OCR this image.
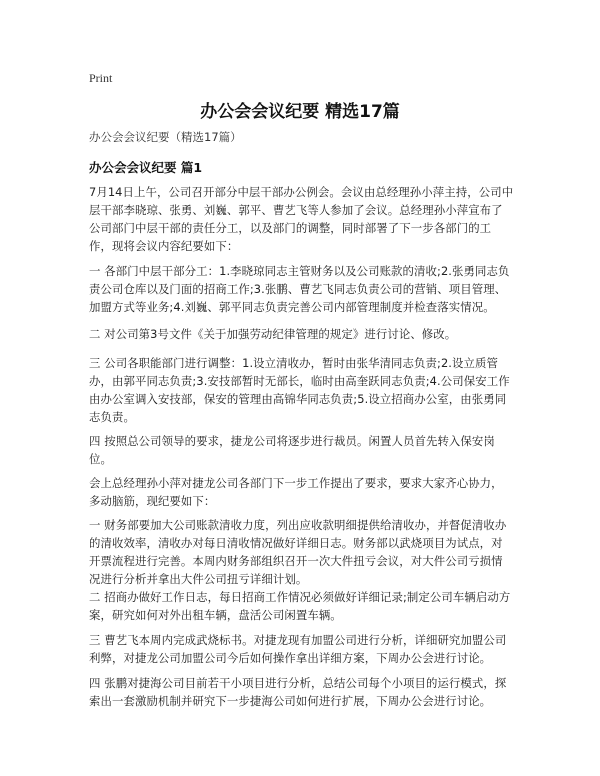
Print
办公会会议纪要 精选17篇

办公会会议纪要（精选17篇）

办公会会议纪要 篇1

7月14日上午，公司召开部分中层干部办公例会。会议由总经理孙小萍主持，公司中层干部李晓琼、张勇、刘巍、郭平、曹艺飞等人参加了会议。总经理孙小萍宣布了公司部门中层干部的责任分工，以及部门的调整，同时部署了下一步各部门的工作，现将会议内容纪要如下：

一 各部门中层干部分工：1.李晓琼同志主管财务以及公司账款的清收;2.张勇同志负责公司仓库以及门面的招商工作;3.张鹏、曹艺飞同志负责公司的营销、项目管理、加盟方式等业务;4.刘巍、郭平同志负责完善公司内部管理制度并检查落实情况。

二 对公司第3号文件《关于加强劳动纪律管理的规定》进行讨论、修改。

三 公司各职能部门进行调整：1.设立清收办，暂时由张华清同志负责;2.设立质管办，由郭平同志负责;3.安技部暂时无部长，临时由高奎跃同志负责;4.公司保安工作由办公室调入安技部，保安的管理由高锦华同志负责;5.设立招商办公室，由张勇同志负责。

四 按照总公司领导的要求，捷龙公司将逐步进行裁员。闲置人员首先转入保安岗位。

会上总经理孙小萍对捷龙公司各部门下一步工作提出了要求，要求大家齐心协力，多动脑筋，现纪要如下：

一 财务部要加大公司账款清收力度，列出应收款明细提供给清收办，并督促清收办的清收效率，清收办对每日清收情况做好详细日志。财务部以武烧项目为试点，对开票流程进行完善。本周内财务部组织召开一次大件扭亏会议，对大件公司亏损情况进行分析并拿出大件公司扭亏详细计划。

二 招商办做好工作日志，每日招商工作情况必须做好详细记录;制定公司车辆启动方案，研究如何对外出租车辆，盘活公司闲置车辆。

三 曹艺飞本周内完成武烧标书。对捷龙现有加盟公司进行分析，详细研究加盟公司利弊，对捷龙公司加盟公司今后如何操作拿出详细方案，下周办公会进行讨论。

四 张鹏对捷海公司目前若干小项目进行分析，总结公司每个小项目的运行模式，探索出一套激励机制并研究下一步捷海公司如何进行扩展，下周办公会进行讨论。
